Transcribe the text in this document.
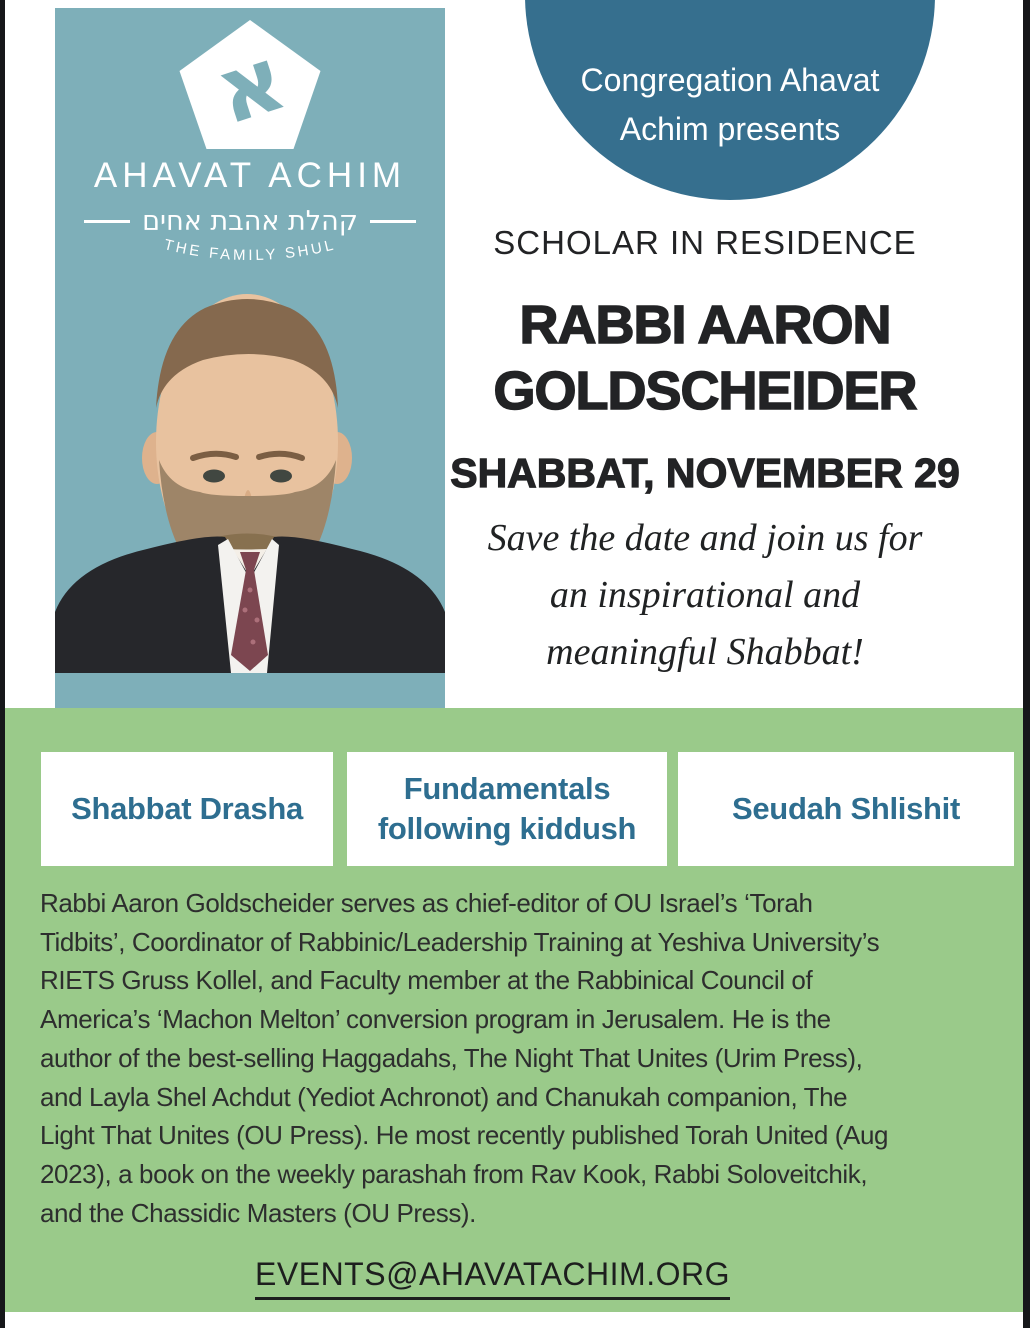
א
AHAVAT ACHIM
קהלת אהבת אחים
THE FAMILY SHUL
Congregation Ahavat
Achim presents
SCHOLAR IN RESIDENCE
RABBI AARON
GOLDSCHEIDER
SHABBAT, NOVEMBER 29
Save the date and join us for
an inspirational and
meaningful Shabbat!
Shabbat Drasha
Fundamentals following kiddush
Seudah Shlishit
Rabbi Aaron Goldscheider serves as chief-editor of OU Israel’s ‘Torah
Tidbits’, Coordinator of Rabbinic/Leadership Training at Yeshiva University’s
RIETS Gruss Kollel, and Faculty member at the Rabbinical Council of
America’s ‘Machon Melton’ conversion program in Jerusalem. He is the
author of the best-selling Haggadahs, The Night That Unites (Urim Press),
and Layla Shel Achdut (Yediot Achronot) and Chanukah companion, The
Light That Unites (OU Press). He most recently published Torah United (Aug
2023), a book on the weekly parashah from Rav Kook, Rabbi Soloveitchik,
and the Chassidic Masters (OU Press).
EVENTS@AHAVATACHIM.ORG
